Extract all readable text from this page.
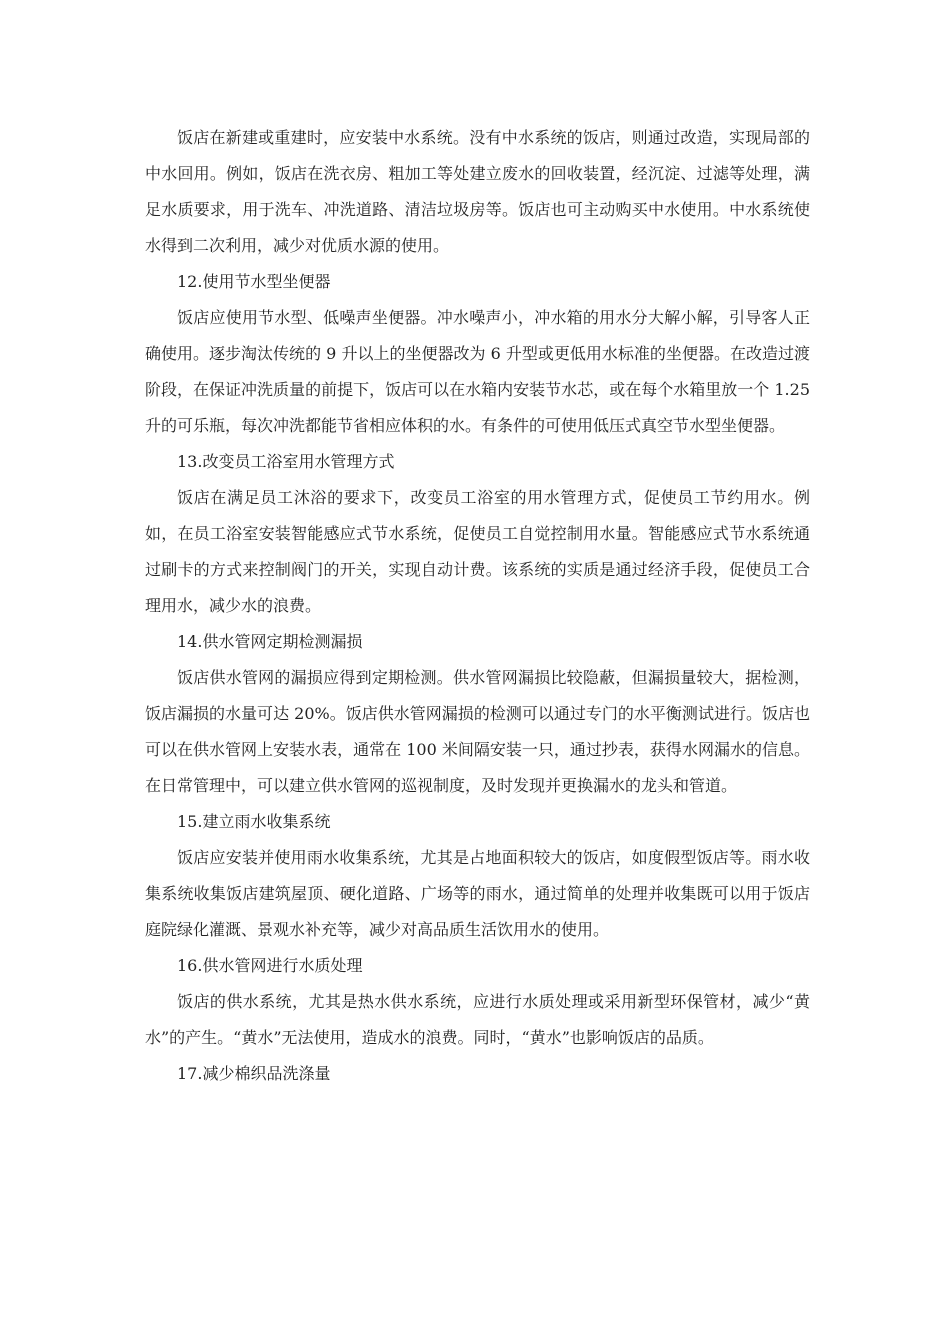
饭店在新建或重建时，应安装中水系统。没有中水系统的饭店，则通过改造，实现局部的中水回用。例如，饭店在洗衣房、粗加工等处建立废水的回收装置，经沉淀、过滤等处理，满足水质要求，用于洗车、冲洗道路、清洁垃圾房等。饭店也可主动购买中水使用。中水系统使水得到二次利用，减少对优质水源的使用。

12.使用节水型坐便器

饭店应使用节水型、低噪声坐便器。冲水噪声小，冲水箱的用水分大解小解，引导客人正确使用。逐步淘汰传统的 9 升以上的坐便器改为 6 升型或更低用水标准的坐便器。在改造过渡阶段，在保证冲洗质量的前提下，饭店可以在水箱内安装节水芯，或在每个水箱里放一个 1.25 升的可乐瓶，每次冲洗都能节省相应体积的水。有条件的可使用低压式真空节水型坐便器。

13.改变员工浴室用水管理方式

饭店在满足员工沐浴的要求下，改变员工浴室的用水管理方式，促使员工节约用水。例如，在员工浴室安装智能感应式节水系统，促使员工自觉控制用水量。智能感应式节水系统通过刷卡的方式来控制阀门的开关，实现自动计费。该系统的实质是通过经济手段，促使员工合理用水，减少水的浪费。

14.供水管网定期检测漏损

饭店供水管网的漏损应得到定期检测。供水管网漏损比较隐蔽，但漏损量较大，据检测，饭店漏损的水量可达 20%。饭店供水管网漏损的检测可以通过专门的水平衡测试进行。饭店也可以在供水管网上安装水表，通常在 100 米间隔安装一只，通过抄表，获得水网漏水的信息。在日常管理中，可以建立供水管网的巡视制度，及时发现并更换漏水的龙头和管道。

15.建立雨水收集系统

饭店应安装并使用雨水收集系统，尤其是占地面积较大的饭店，如度假型饭店等。雨水收集系统收集饭店建筑屋顶、硬化道路、广场等的雨水，通过简单的处理并收集既可以用于饭店庭院绿化灌溉、景观水补充等，减少对高品质生活饮用水的使用。

16.供水管网进行水质处理

饭店的供水系统，尤其是热水供水系统，应进行水质处理或采用新型环保管材，减少“黄水”的产生。“黄水”无法使用，造成水的浪费。同时，“黄水”也影响饭店的品质。

17.减少棉织品洗涤量
